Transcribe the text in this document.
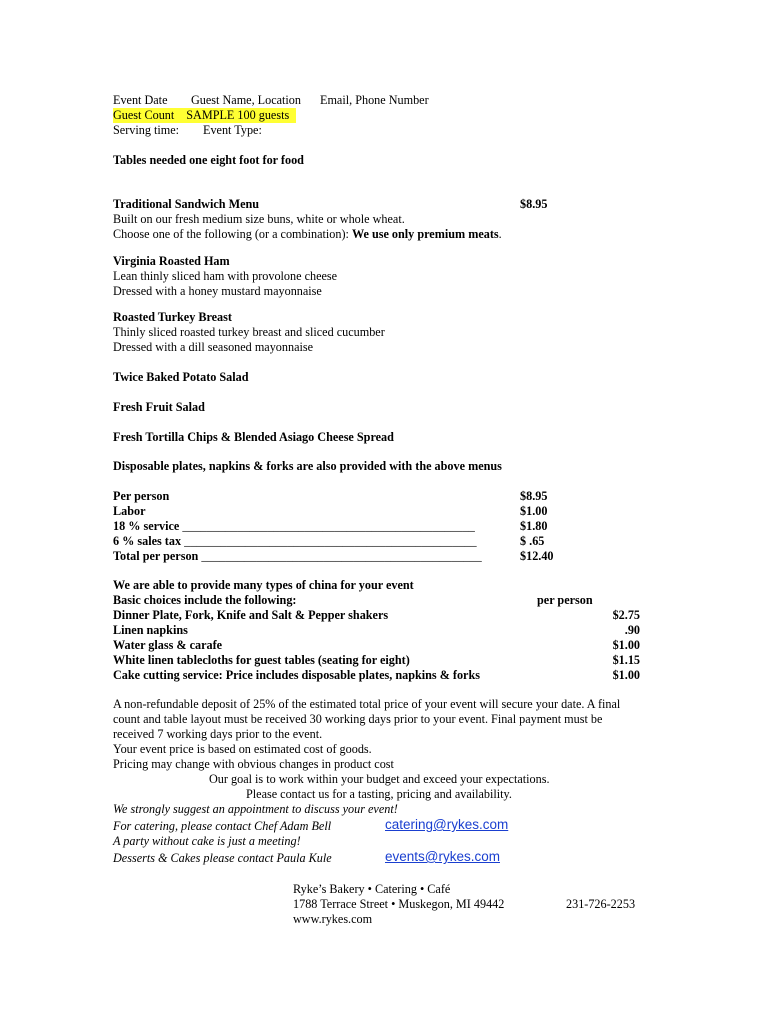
Event Date Guest Name, Location Email, Phone Number
Guest Count SAMPLE 100 guests
Serving time: Event Type:
Tables needed one eight foot for food
Traditional Sandwich Menu	$8.95
Built on our fresh medium size buns, white or whole wheat.
Choose one of the following (or a combination): We use only premium meats.
Virginia Roasted Ham
Lean thinly sliced ham with provolone cheese
Dressed with a honey mustard mayonnaise
Roasted Turkey Breast
Thinly sliced roasted turkey breast and sliced cucumber
Dressed with a dill seasoned mayonnaise
Twice Baked Potato Salad
Fresh Fruit Salad
Fresh Tortilla Chips & Blended Asiago Cheese Spread
Disposable plates, napkins & forks are also provided with the above menus
Per person	$8.95
Labor	$1.00
18 % service ________________________________________________	$1.80
6 % sales tax ________________________________________________	$ .65
Total per person ______________________________________________	$12.40
We are able to provide many types of china for your event
Basic choices include the following:	per person
Dinner Plate, Fork, Knife and Salt & Pepper shakers	$2.75
Linen napkins	.90
Water glass & carafe	$1.00
White linen tablecloths for guest tables (seating for eight)	$1.15
Cake cutting service: Price includes disposable plates, napkins & forks	$1.00
A non-refundable deposit of 25% of the estimated total price of your event will secure your date. A final
count and table layout must be received 30 working days prior to your event. Final payment must be
received 7 working days prior to the event.
Your event price is based on estimated cost of goods.
Pricing may change with obvious changes in product cost
Our goal is to work within your budget and exceed your expectations.
Please contact us for a tasting, pricing and availability.
We strongly suggest an appointment to discuss your event!
For catering, please contact Chef Adam Bell	catering@rykes.com
A party without cake is just a meeting!
Desserts & Cakes please contact Paula Kule	events@rykes.com
Ryke’s Bakery • Catering • Café
1788 Terrace Street • Muskegon, MI 49442	231-726-2253
www.rykes.com
